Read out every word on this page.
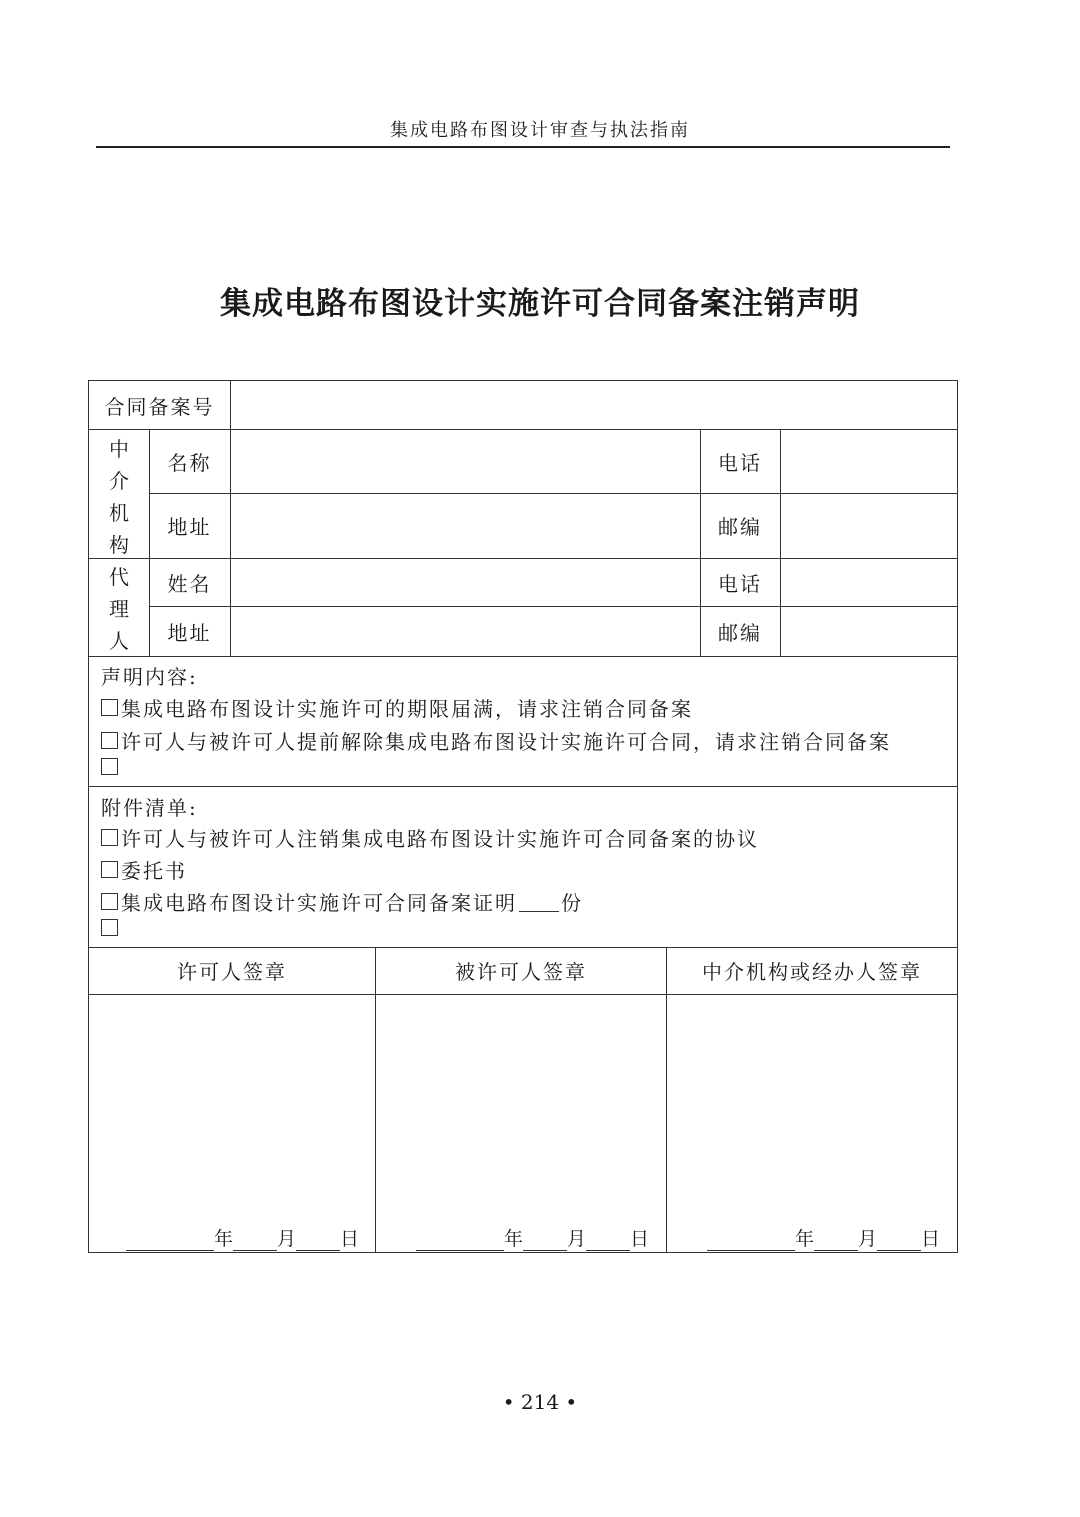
集成电路布图设计审查与执法指南
集成电路布图设计实施许可合同备案注销声明
合同备案号
中
介
机
构
名称	电话
地址	邮编
代
理
人
姓名	电话
地址	邮编
声明内容:
集成电路布图设计实施许可的期限届满，请求注销合同备案
许可人与被许可人提前解除集成电路布图设计实施许可合同，请求注销合同备案
附件清单:
许可人与被许可人注销集成电路布图设计实施许可合同备案的协议
委托书
集成电路布图设计实施许可合同备案证明 份
许可人签章	被许可人签章	中介机构或经办人签章
年 月 日	年 月 日	年 月 日
• 214 •
